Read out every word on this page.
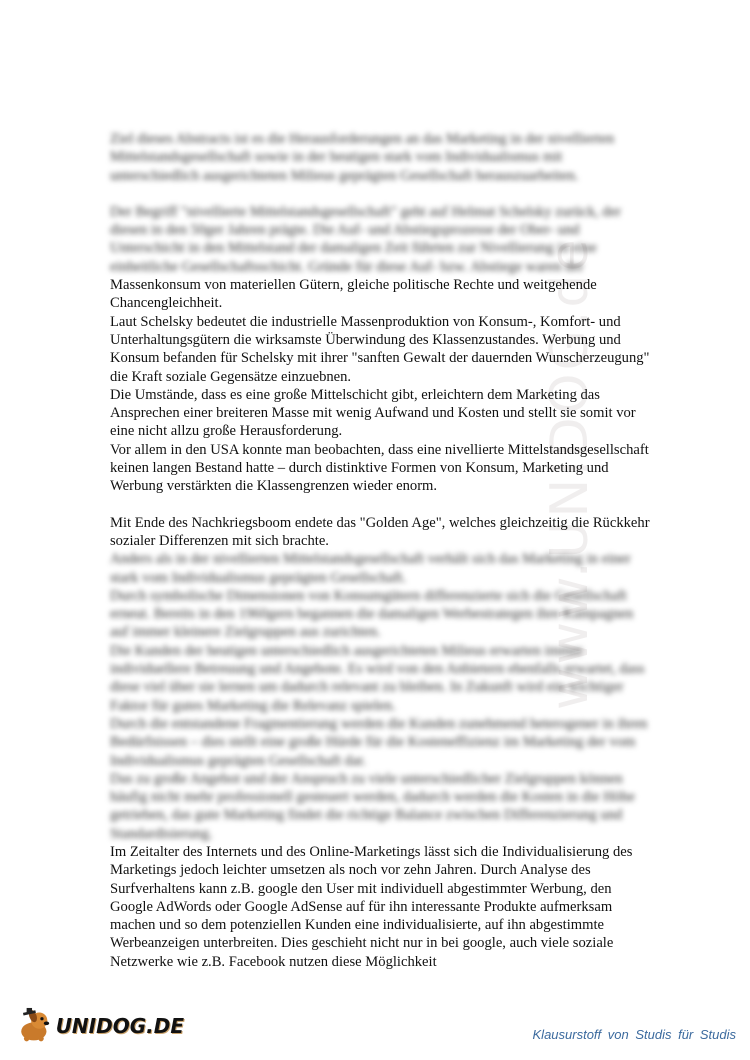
www.UNIDOG.de

Ziel dieses Abstracts ist es die Herausforderungen an das Marketing in der nivellierten Mittelstandsgesellschaft sowie in der heutigen stark vom Individualismus mit unterschiedlich ausgerichteten Milieus geprägten Gesellschaft herauszuarbeiten.

Der Begriff "nivellierte Mittelstandsgesellschaft" geht auf Helmut Schelsky zurück, der diesen in den 50ger Jahren prägte. Die Auf- und Abstiegsprozesse der Ober- und Unterschicht in den Mittelstand der damaligen Zeit führten zur Nivellierung in eine einheitliche Gesellschaftsschicht. Gründe für diese Auf- bzw. Abstiege waren der

Massenkonsum von materiellen Gütern, gleiche politische Rechte und weitgehende Chancengleichheit.

Laut Schelsky bedeutet die industrielle Massenproduktion von Konsum-, Komfort- und Unterhaltungsgütern die wirksamste Überwindung des Klassenzustandes. Werbung und Konsum befanden für Schelsky mit ihrer "sanften Gewalt der dauernden Wunscherzeugung" die Kraft soziale Gegensätze einzuebnen.

Die Umstände, dass es eine große Mittelschicht gibt, erleichtern dem Marketing das Ansprechen einer breiteren Masse mit wenig Aufwand und Kosten und stellt sie somit vor eine nicht allzu große Herausforderung.

Vor allem in den USA konnte man beobachten, dass eine nivellierte Mittelstandsgesellschaft keinen langen Bestand hatte – durch distinktive Formen von Konsum, Marketing und Werbung verstärkten die Klassengrenzen wieder enorm.

Mit Ende des Nachkriegsboom endete das "Golden Age", welches gleichzeitig die Rückkehr sozialer Differenzen mit sich brachte.

Anders als in der nivellierten Mittelstandsgesellschaft verhält sich das Marketing in einer stark vom Individualismus geprägten Gesellschaft.

Durch symbolische Dimensionen von Konsumgütern differenzierte sich die Gesellschaft erneut. Bereits in den 1960gern begannen die damaligen Werbestrategen ihre Kampagnen auf immer kleinere Zielgruppen aus zurichten.

Die Kunden der heutigen unterschiedlich ausgerichteten Milieus erwarten immer individuellere Betreuung und Angebote. Es wird von den Anbietern ebenfalls erwartet, dass diese viel über sie lernen um dadurch relevant zu bleiben. In Zukunft wird ein wichtiger Faktor für gutes Marketing die Relevanz spielen.

Durch die entstandene Fragmentierung werden die Kunden zunehmend heterogener in ihren Bedürfnissen – dies stellt eine große Hürde für die Kosteneffizienz im Marketing der vom Individualismus geprägten Gesellschaft dar.

Das zu große Angebot und der Anspruch zu viele unterschiedlicher Zielgruppen können häufig nicht mehr professionell gesteuert werden, dadurch werden die Kosten in die Höhe getrieben, das gute Marketing findet die richtige Balance zwischen Differenzierung und Standardisierung.

Im Zeitalter des Internets und des Online-Marketings lässt sich die Individualisierung des Marketings jedoch leichter umsetzen als noch vor zehn Jahren. Durch Analyse des Surfverhaltens kann z.B. google den User mit individuell abgestimmter Werbung, den Google AdWords oder Google AdSense auf für ihn interessante Produkte aufmerksam machen und so dem potenziellen Kunden eine individualisierte, auf ihn abgestimmte Werbeanzeigen unterbreiten. Dies geschieht nicht nur in bei google, auch viele soziale Netzwerke wie z.B. Facebook nutzen diese Möglichkeit

UNIDOG.DE	Klausurstoff von Studis für Studis
